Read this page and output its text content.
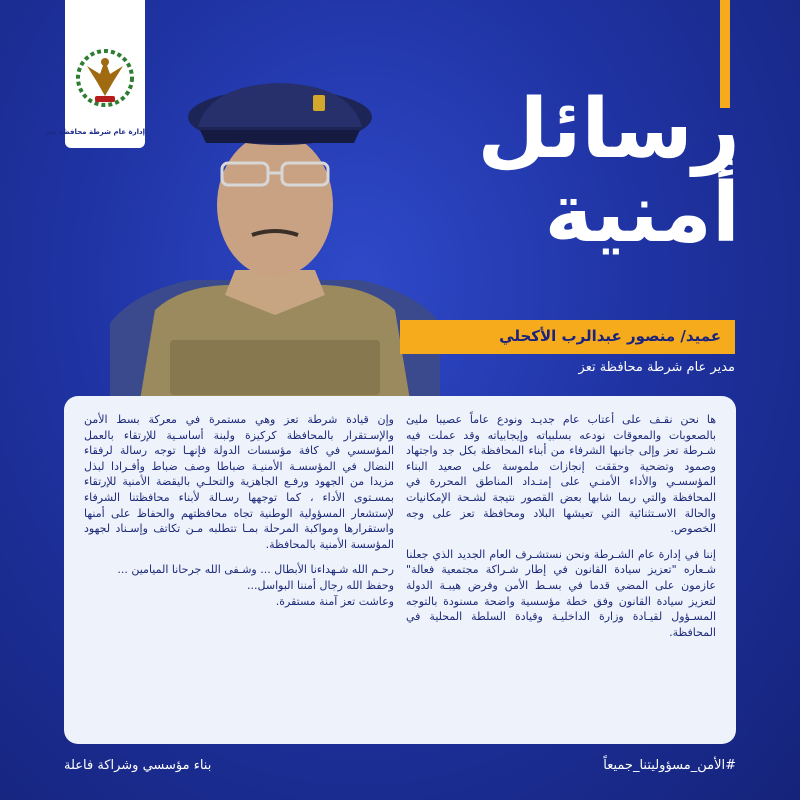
إدارة عام شرطة محافظة تعز	رسائل
أمنية
عميد/ منصور عبدالرب الأكحلي
مدير عام شرطة محافظة تعز

ها نحن نقـف على أعتاب عام جديـد ونودع عاماً عصيبا مليئ بالصعوبات والمعوقات نودعه بسلبياته وإيجابياته وقد عملت فيه شـرطة تعز وإلى جانبها الشرفاء من أبناء المحافظة بكل جد واجتهاد وصمود وتضحية وحققت إنجازات ملموسة على صعيد البناء المؤسسـي والأداء الأمنـي على إمتـداد المناطق المحررة في المحافظة والتي ربما شابها بعض القصور نتيجة لشـحة الإمكانيات والحالة الاسـتثنائية التي تعيشها البلاد ومحافظة تعز على وجه الخصوص.

إننا في إدارة عام الشـرطة ونحن نستشـرف العام الجديد الذي جعلنا شـعاره "تعزيز سيادة القانون في إطار شـراكة مجتمعية فعالة" عازمون على المضي قدما في بسـط الأمن وفرض هيبـة الدولة لتعزيز سيادة القانون وفق خطة مؤسسية واضحة مسنودة بالتوجه المسـؤول لقيـادة وزارة الداخليـة وقيادة السلطة المحلية في المحافظة.

وإن قيادة شرطة تعز وهي مستمرة في معركة بسط الأمن والإسـتقرار بالمحافظة كركيزة ولبنة أساسـية للإرتقاء بالعمل المؤسسي في كافة مؤسسات الدولة فإنهـا توجه رسالة لرفقاء النضال في المؤسسـة الأمنيـة ضباطا وصف ضباط وأفـرادا لبذل مزيدا من الجهود ورفـع الجاهزية والتحلـي باليقضة الأمنية للإرتقاء بمسـتوى الأداء ، كما توجهها رسـالة لأبناء محافظتنا الشرفاء لإستشعار المسؤولية الوطنية تجاه محافظتهم والحفاظ على أمنها واستقرارها ومواكبة المرحلة بمـا تتطلبه مـن تكاتف وإسـناد لجهود المؤسسة الأمنية بالمحافظة.

رحـم الله شـهداءنا الأبطال ... وشـفى الله جرحانا الميامين ...
وحفظ الله رجال أمننا البواسل...
وعاشت تعز آمنة مستقرة.

بناء مؤسسي وشراكة فاعلة	#الأمن_مسؤوليتنا_جميعاً
